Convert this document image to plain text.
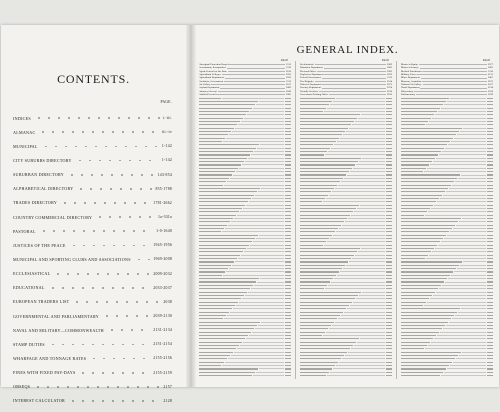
CONTENTS.
PAGE.
INDICES	i.-iii.
ALMANAC	iii.-iv
MUNICIPAL	1-142
CITY SUBURBS DIRECTORY	1-142
SUBURBAN DIRECTORY	143-854
ALPHABETICAL DIRECTORY	855-1788
TRADES DIRECTORY	1781-2662
COUNTRY COMMERCIAL DIRECTORY	1a-331a
PASTORAL	1-0-1640
JUSTICES OF THE PEACE	1945-1956
MUNICIPAL AND SPORTING CLUBS AND ASSOCIATIONS	1969-2008
ECCLESIASTICAL	2009-2032
EDUCATIONAL	2033-2037
EUROPEAN TRADERS LIST	2038
GOVERNMENTAL AND PARLIAMENTARY	2039-2130
NAVAL AND MILITARY—COMMONWEALTH	2131-2134
STAMP DUTIES	2151-2154
WHARFAGE AND TONNAGE RATES	2155-2156
FINES WITH FIXED PAY-DAYS	2155-2159
OBSEQS	2157
INTEREST CALCULATOR	2128
GENERAL INDEX.
PAGE	PAGE	PAGE
Aboriginal Protection Board	2111
Accountants, Incorporated	2110
Agent-General for the State	2100
Agricultural Colleges	2035
Agricultural Department	2053
Architects, Government	2112
Art Gallery	2107
Asylum Department	2082
Attorney-General	2042
Auditor-General	2081
Ecclesiastical	2009
Education Department	2063
Electoral Office	2095
Explosives Department	2070
Federal Government	2113
Fire Brigades	2104
Fisheries Department	2072
Forestry Department	2074
Friendly Societies	2106
Government Printing Office	2100
Master in Equity	2077
Master in Lunacy	2081
Medical Practitioners	2110
Military Forces	2131
Mines Department	2067
Museum, Australian	2107
National Art Gallery	2107
Naval Department	2134
Observatory	2108
Parliamentary	2039
